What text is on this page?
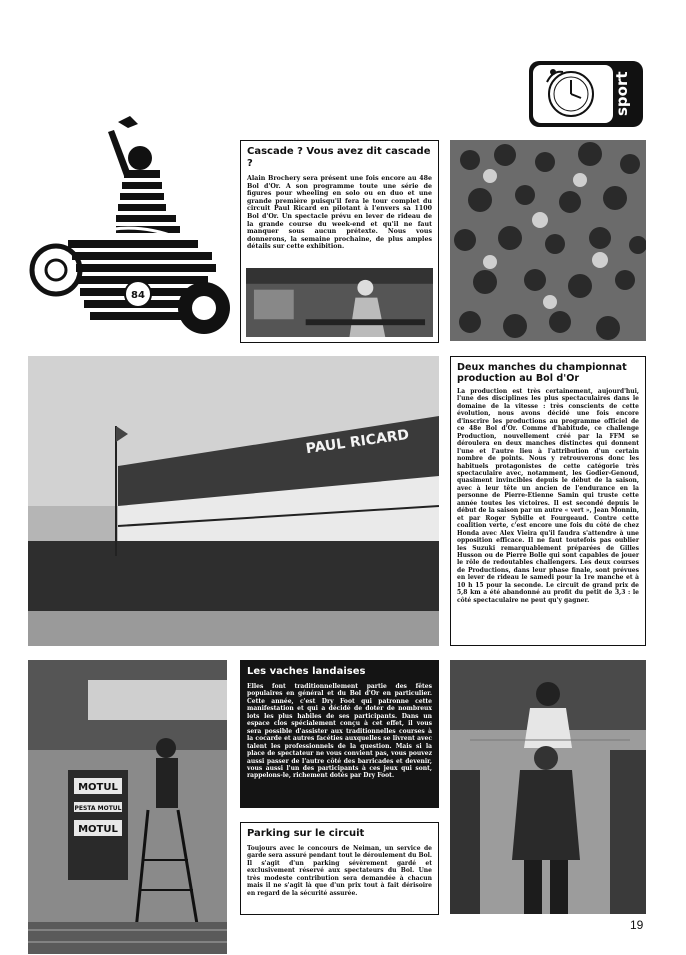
sport
84
Cascade ? Vous avez dit cascade ?

Alain Brochery sera présent une fois encore au 48e Bol d'Or. A son programme toute une série de figures pour wheeling en solo ou en duo et une grande première puisqu'il fera le tour complet du circuit Paul Ricard en pilotant à l'envers sa 1100 Bol d'Or. Un spectacle prévu en lever de rideau de la grande course du week-end et qu'il ne faut manquer sous aucun prétexte. Nous vous donnerons, la semaine prochaine, de plus amples détails sur cette exhibition.

PAUL RICARD
Deux manches du championnat production au Bol d'Or

La production est très certainement, aujourd'hui, l'une des disciplines les plus spectaculaires dans le domaine de la vitesse : très conscients de cette évolution, nous avons décidé une fois encore d'inscrire les productions au programme officiel de ce 48e Bol d'Or. Comme d'habitude, ce challenge Production, nouvellement créé par la FFM se déroulera en deux manches distinctes qui donnent l'une et l'autre lieu à l'attribution d'un certain nombre de points. Nous y retrouverons donc les habituels protagonistes de cette catégorie très spectaculaire avec, notamment, les Godier-Genoud, quasiment invincibles depuis le début de la saison, avec à leur tête un ancien de l'endurance en la personne de Pierre-Etienne Samin qui truste cette année toutes les victoires. Il est secondé depuis le début de la saison par un autre « vert », Jean Monnin, et par Roger Sybille et Fourgeaud. Contre cette coalition verte, c'est encore une fois du côté de chez Honda avec Alex Vieira qu'il faudra s'attendre à une opposition efficace. Il ne faut toutefois pas oublier les Suzuki remarquablement préparées de Gilles Husson ou de Pierre Bolle qui sont capables de jouer le rôle de redoutables challengers. Les deux courses de Productions, dans leur phase finale, sont prévues en lever de rideau le samedi pour la 1re manche et à 10 h 15 pour la seconde. Le circuit de grand prix de 5,8 km a été abandonné au profit du petit de 3,3 : le côté spectaculaire ne peut qu'y gagner.

MOTUL
PESTA MOTUL
MOTUL
Les vaches landaises

Elles font traditionnellement partie des fêtes populaires en général et du Bol d'Or en particulier. Cette année, c'est Dry Foot qui patronne cette manifestation et qui a décidé de doter de nombreux lots les plus habiles de ses participants. Dans un espace clos spécialement conçu à cet effet, il vous sera possible d'assister aux traditionnelles courses à la cocarde et autres facéties auxquelles se livrent avec talent les professionnels de la question. Mais si la place de spectateur ne vous convient pas, vous pouvez aussi passer de l'autre côté des barricades et devenir, vous aussi l'un des participants à ces jeux qui sont, rappelons-le, richement dotés par Dry Foot.

Parking sur le circuit

Toujours avec le concours de Neiman, un service de garde sera assuré pendant tout le déroulement du Bol. Il s'agit d'un parking sévèrement gardé et exclusivement réservé aux spectateurs du Bol. Une très modeste contribution sera demandée à chacun mais il ne s'agit là que d'un prix tout à fait dérisoire en regard de la sécurité assurée.

19
